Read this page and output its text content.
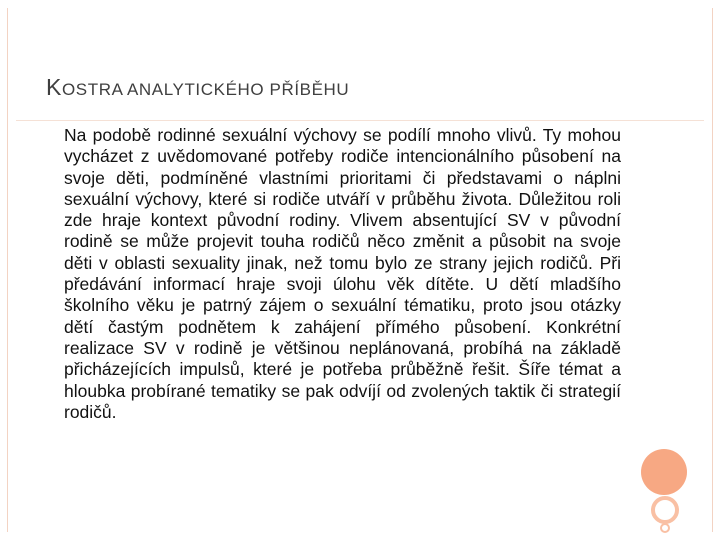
KOSTRA ANALYTICKÉHO PŘÍBĚHU

Na podobě rodinné sexuální výchovy se podílí mnoho vlivů. Ty mohou vycházet z uvědomované potřeby rodiče intencionálního působení na svoje děti, podmíněné vlastními prioritami či představami o náplni sexuální výchovy, které si rodiče utváří v průběhu života. Důležitou roli zde hraje kontext původní rodiny. Vlivem absentující SV v původní rodině se může projevit touha rodičů něco změnit a působit na svoje děti v oblasti sexuality jinak, než tomu bylo ze strany jejich rodičů. Při předávání informací hraje svoji úlohu věk dítěte. U dětí mladšího školního věku je patrný zájem o sexuální tématiku, proto jsou otázky dětí častým podnětem k zahájení přímého působení. Konkrétní realizace SV v rodině je většinou neplánovaná, probíhá na základě přicházejících impulsů, které je potřeba průběžně řešit. Šíře témat a hloubka probírané tematiky se pak odvíjí od zvolených taktik či strategií rodičů.
